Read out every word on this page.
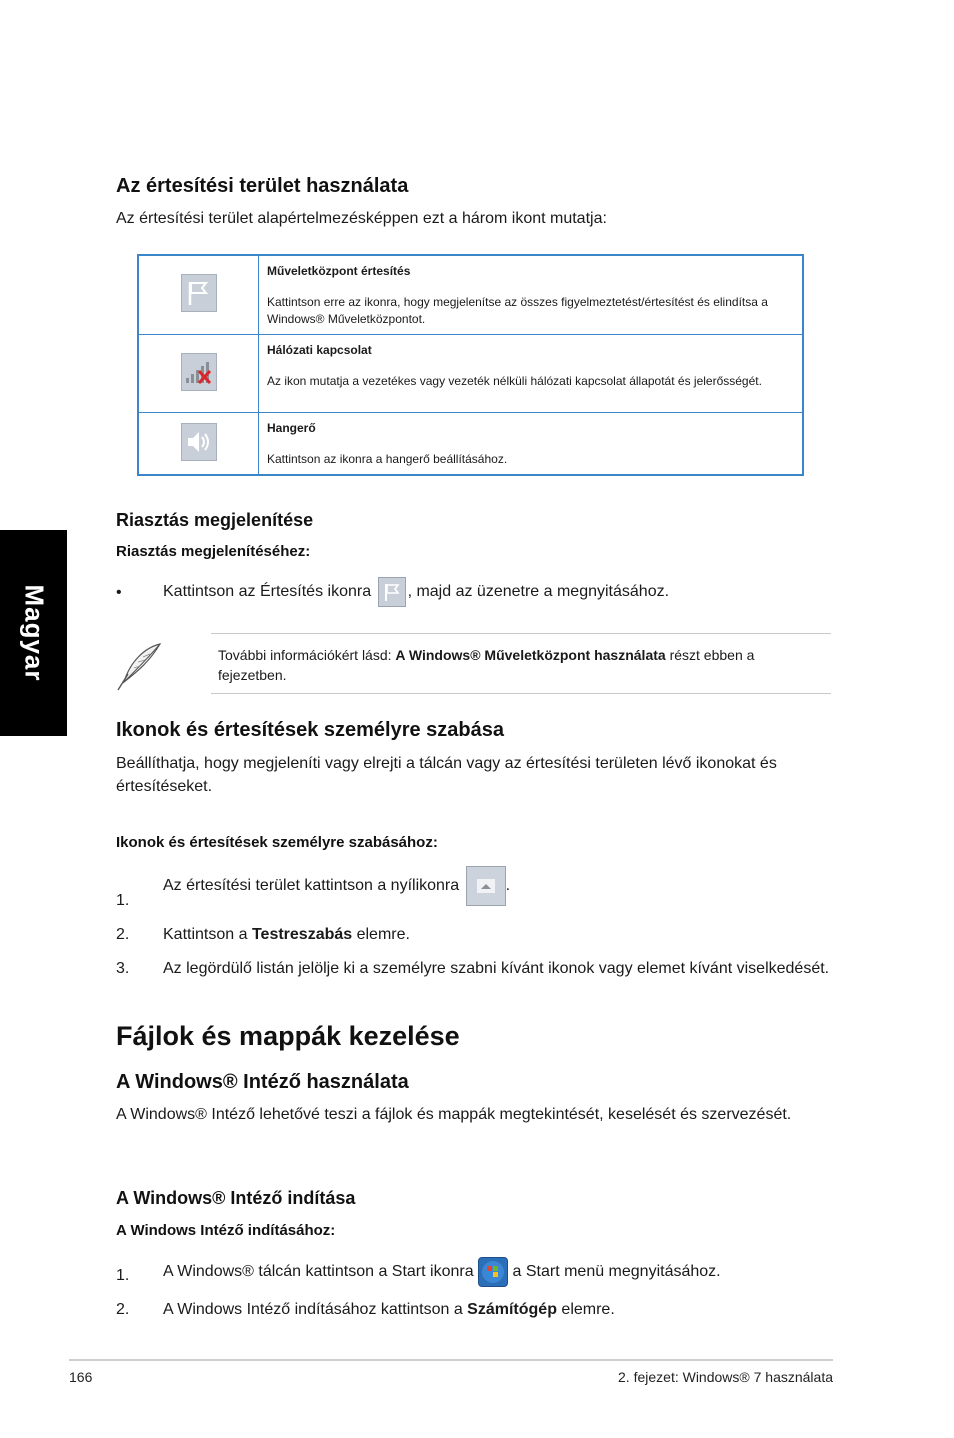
Magyar
Az értesítési terület használata
Az értesítési terület alapértelmezésképpen ezt a három ikont mutatja:

Műveletközpont értesítés
Kattintson erre az ikonra, hogy megjelenítse az összes figyelmeztetést/értesítést és elindítsa a Windows® Műveletközpontot.

Hálózati kapcsolat
Az ikon mutatja a vezetékes vagy vezeték nélküli hálózati kapcsolat állapotát és jelerősségét.

Hangerő
Kattintson az ikonra a hangerő beállításához.
Riasztás megjelenítése
Riasztás megjelenítéséhez:
•	Kattintson az Értesítés ikonra , majd az üzenetre a megnyitásához.
További információkért lásd: A Windows® Műveletközpont használata részt ebben a fejezetben.
Ikonok és értesítések személyre szabása
Beállíthatja, hogy megjeleníti vagy elrejti a tálcán vagy az értesítési területen lévő ikonokat és értesítéseket.
Ikonok és értesítések személyre szabásához:
1.
Az értesítési terület kattintson a nyílikonra	.
2. Kattintson a Testreszabás elemre.
3. Az legördülő listán jelölje ki a személyre szabni kívánt ikonok vagy elemet kívánt viselkedését.
Fájlok és mappák kezelése
A Windows® Intéző használata
A Windows® Intéző lehetővé teszi a fájlok és mappák megtekintését, keselését és szervezését.
A Windows® Intéző indítása
A Windows Intéző indításához:
1. A Windows® tálcán kattintson a Start ikonra  a Start menü megnyitásához.
2. A Windows Intéző indításához kattintson a Számítógép elemre.
166	2. fejezet: Windows® 7 használata
